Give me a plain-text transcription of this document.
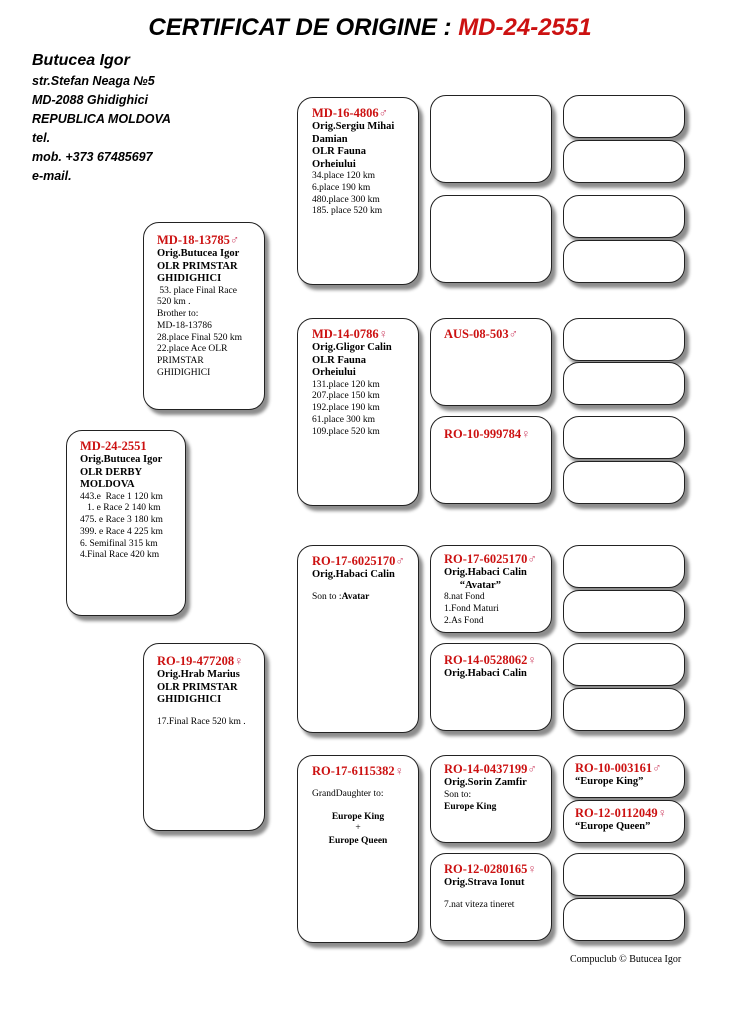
CERTIFICAT DE ORIGINE : MD-24-2551
Butucea Igor
str.Stefan Neaga №5
MD-2088 Ghidighici
REPUBLICA MOLDOVA
tel.
mob. +373 67485697
e-mail.
MD-24-2551
Orig.Butucea Igor
OLR DERBY
MOLDOVA
443.e  Race 1 120 km
1. e Race 2 140 km
475. e Race 3 180 km
399. e Race 4 225 km
6. Semifinal 315 km
4.Final Race 420 km
MD-18-13785♂
Orig.Butucea Igor
OLR PRIMSTAR
GHIDIGHICI
53. place Final Race
520 km .
Brother to:
MD-18-13786
28.place Final 520 km
22.place Ace OLR
PRIMSTAR
GHIDIGHICI
RO-19-477208♀
Orig.Hrab Marius
OLR PRIMSTAR
GHIDIGHICI
17.Final Race 520 km .
MD-16-4806♂
Orig.Sergiu Mihai
Damian
OLR Fauna
Orheiului
34.place 120 km
6.place 190 km
480.place 300 km
185. place 520 km
MD-14-0786♀
Orig.Gligor Calin
OLR Fauna
Orheiului
131.place 120 km
207.place 150 km
192.place 190 km
61.place 300 km
109.place 520 km
RO-17-6025170♂
Orig.Habaci Calin
Son to :Avatar
RO-17-6115382♀
GrandDaughter to:
Europe King
+
Europe Queen
AUS-08-503♂
RO-10-999784♀
RO-17-6025170♂
Orig.Habaci Calin
“Avatar”
8.nat Fond
1.Fond Maturi
2.As Fond
RO-14-0528062♀
Orig.Habaci Calin
RO-14-0437199♂
Orig.Sorin Zamfir
Son to:
Europe King
RO-12-0280165♀
Orig.Strava Ionut
7.nat viteza tineret
RO-10-003161♂
“Europe King”
RO-12-0112049♀
“Europe Queen”
Compuclub © Butucea Igor
